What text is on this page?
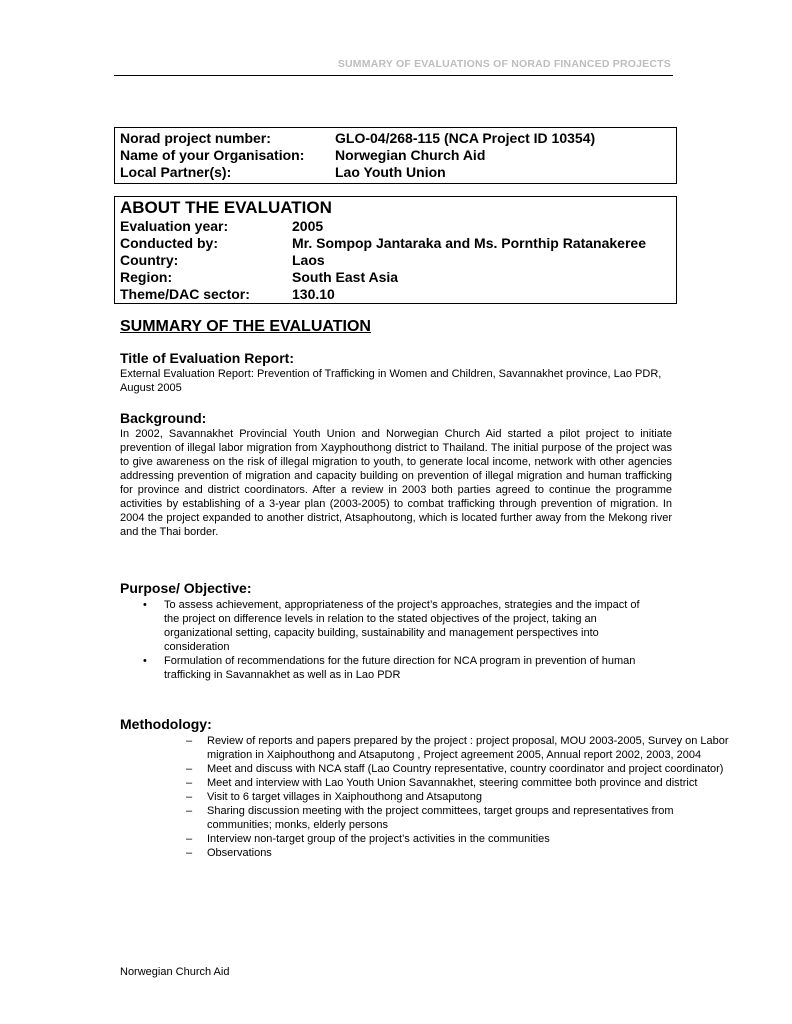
SUMMARY OF EVALUATIONS OF NORAD FINANCED PROJECTS
Norad project number:	GLO-04/268-115 (NCA Project ID 10354)
Name of your Organisation:	Norwegian Church Aid
Local Partner(s):	Lao Youth Union
ABOUT THE EVALUATION
Evaluation year:	2005
Conducted by:	Mr. Sompop Jantaraka and Ms. Pornthip Ratanakeree
Country:	Laos
Region:	South East Asia
Theme/DAC sector:	130.10
SUMMARY OF THE EVALUATION
Title of Evaluation Report:
External Evaluation Report: Prevention of Trafficking in Women and Children, Savannakhet province, Lao PDR, August 2005
Background:
In 2002, Savannakhet Provincial Youth Union and Norwegian Church Aid started a pilot project to initiate prevention of illegal labor migration from Xayphouthong district to Thailand. The initial purpose of the project was to give awareness on the risk of illegal migration to youth, to generate local income, network with other agencies addressing prevention of migration and capacity building on prevention of illegal migration and human trafficking for province and district coordinators. After a review in 2003 both parties agreed to continue the programme activities by establishing of a 3-year plan (2003-2005) to combat trafficking through prevention of migration. In 2004 the project expanded to another district, Atsaphoutong, which is located further away from the Mekong river and the Thai border.
Purpose/ Objective:
• To assess achievement, appropriateness of the project’s approaches, strategies and the impact of the project on difference levels in relation to the stated objectives of the project, taking an organizational setting, capacity building, sustainability and management perspectives into consideration
• Formulation of recommendations for the future direction for NCA program in prevention of human trafficking in Savannakhet as well as in Lao PDR
Methodology:
– Review of reports and papers prepared by the project : project proposal, MOU 2003-2005, Survey on Labor migration in Xaiphouthong and Atsaputong , Project agreement 2005, Annual report 2002, 2003, 2004
– Meet and discuss with NCA staff (Lao Country representative, country coordinator and project coordinator)
– Meet and interview with Lao Youth Union Savannakhet, steering committee both province and district
– Visit to 6 target villages in Xaiphouthong and Atsaputong
– Sharing discussion meeting with the project committees, target groups and representatives from communities; monks, elderly persons
– Interview non-target group of the project’s activities in the communities
– Observations
Norwegian Church Aid
